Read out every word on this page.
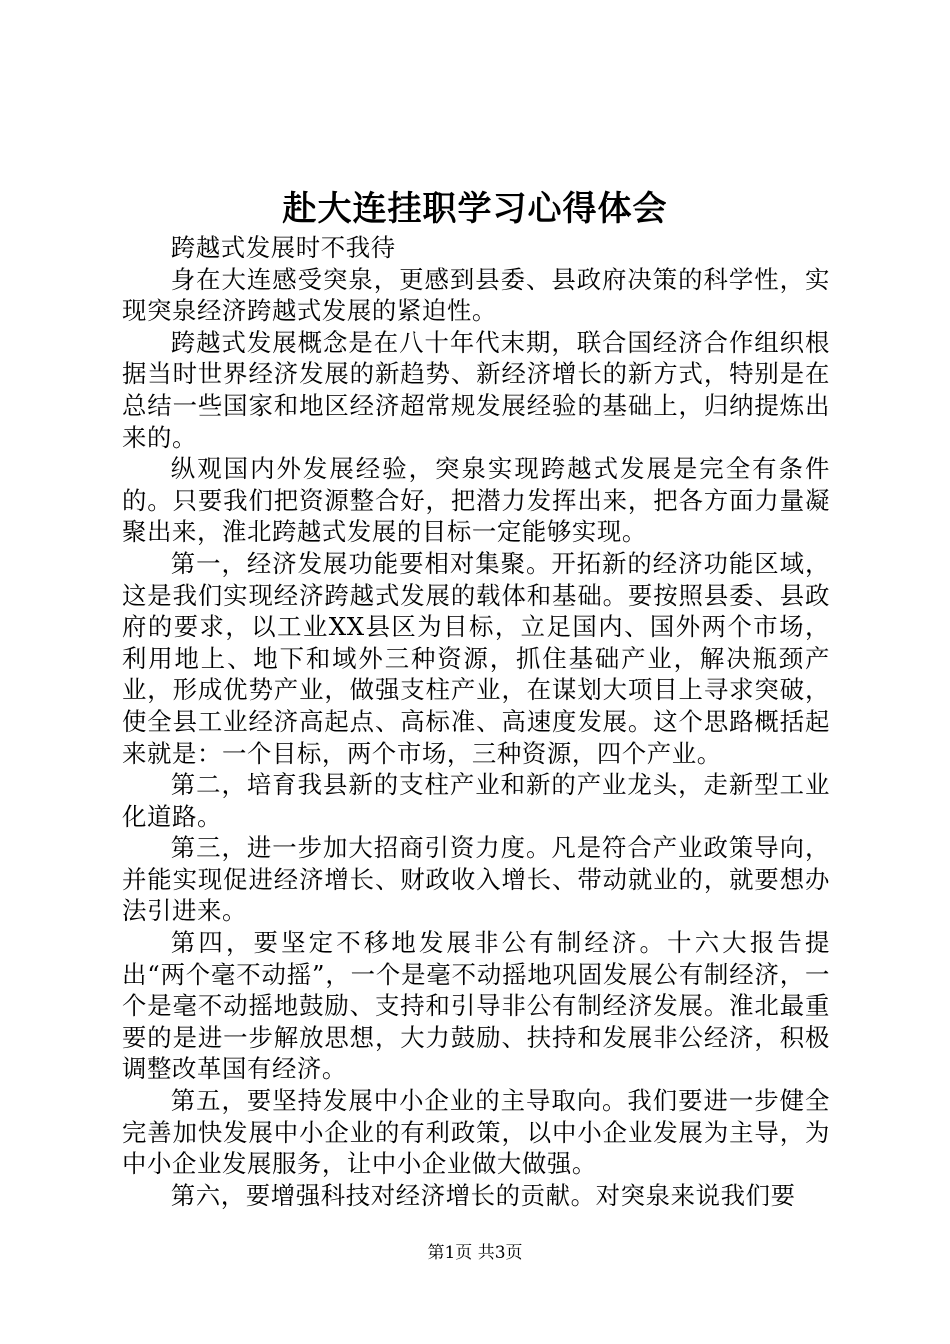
赴大连挂职学习心得体会

跨越式发展时不我待

身在大连感受突泉，更感到县委、县政府决策的科学性，实现突泉经济跨越式发展的紧迫性。

跨越式发展概念是在八十年代末期，联合国经济合作组织根据当时世界经济发展的新趋势、新经济增长的新方式，特别是在总结一些国家和地区经济超常规发展经验的基础上，归纳提炼出来的。

纵观国内外发展经验，突泉实现跨越式发展是完全有条件的。只要我们把资源整合好，把潜力发挥出来，把各方面力量凝聚出来，淮北跨越式发展的目标一定能够实现。

第一，经济发展功能要相对集聚。开拓新的经济功能区域，这是我们实现经济跨越式发展的载体和基础。要按照县委、县政府的要求，以工业XX县区为目标，立足国内、国外两个市场，利用地上、地下和域外三种资源，抓住基础产业，解决瓶颈产业，形成优势产业，做强支柱产业，在谋划大项目上寻求突破，使全县工业经济高起点、高标准、高速度发展。这个思路概括起来就是：一个目标，两个市场，三种资源，四个产业。

第二，培育我县新的支柱产业和新的产业龙头，走新型工业化道路。

第三，进一步加大招商引资力度。凡是符合产业政策导向，并能实现促进经济增长、财政收入增长、带动就业的，就要想办法引进来。

第四，要坚定不移地发展非公有制经济。十六大报告提出“两个毫不动摇”，一个是毫不动摇地巩固发展公有制经济，一个是毫不动摇地鼓励、支持和引导非公有制经济发展。淮北最重要的是进一步解放思想，大力鼓励、扶持和发展非公经济，积极调整改革国有经济。

第五，要坚持发展中小企业的主导取向。我们要进一步健全完善加快发展中小企业的有利政策，以中小企业发展为主导，为中小企业发展服务，让中小企业做大做强。

第六，要增强科技对经济增长的贡献。对突泉来说我们要

第1页 共3页
